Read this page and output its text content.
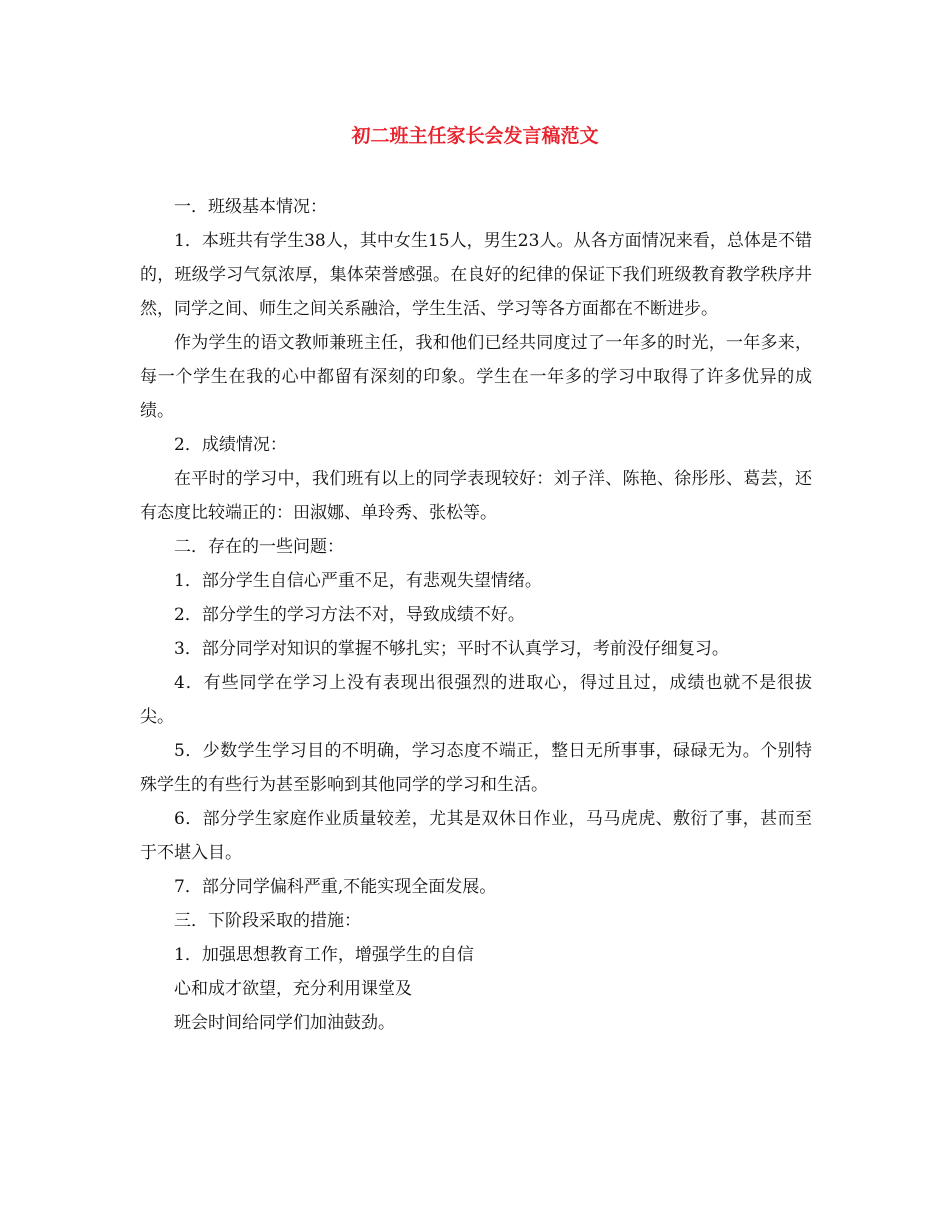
初二班主任家长会发言稿范文

一．班级基本情况：

1．本班共有学生38人，其中女生15人，男生23人。从各方面情况来看，总体是不错的，班级学习气氛浓厚，集体荣誉感强。在良好的纪律的保证下我们班级教育教学秩序井然，同学之间、师生之间关系融洽，学生生活、学习等各方面都在不断进步。

作为学生的语文教师兼班主任，我和他们已经共同度过了一年多的时光，一年多来，每一个学生在我的心中都留有深刻的印象。学生在一年多的学习中取得了许多优异的成绩。

2．成绩情况：

在平时的学习中，我们班有以上的同学表现较好：刘子洋、陈艳、徐彤彤、葛芸，还有态度比较端正的：田淑娜、单玲秀、张松等。

二．存在的一些问题：

1．部分学生自信心严重不足，有悲观失望情绪。

2．部分学生的学习方法不对，导致成绩不好。

3．部分同学对知识的掌握不够扎实；平时不认真学习，考前没仔细复习。

4．有些同学在学习上没有表现出很强烈的进取心，得过且过，成绩也就不是很拔尖。

5．少数学生学习目的不明确，学习态度不端正，整日无所事事，碌碌无为。个别特殊学生的有些行为甚至影响到其他同学的学习和生活。

6．部分学生家庭作业质量较差，尤其是双休日作业，马马虎虎、敷衍了事，甚而至于不堪入目。

7．部分同学偏科严重,不能实现全面发展。

三．下阶段采取的措施：

1．加强思想教育工作，增强学生的自信

心和成才欲望，充分利用课堂及

班会时间给同学们加油鼓劲。
